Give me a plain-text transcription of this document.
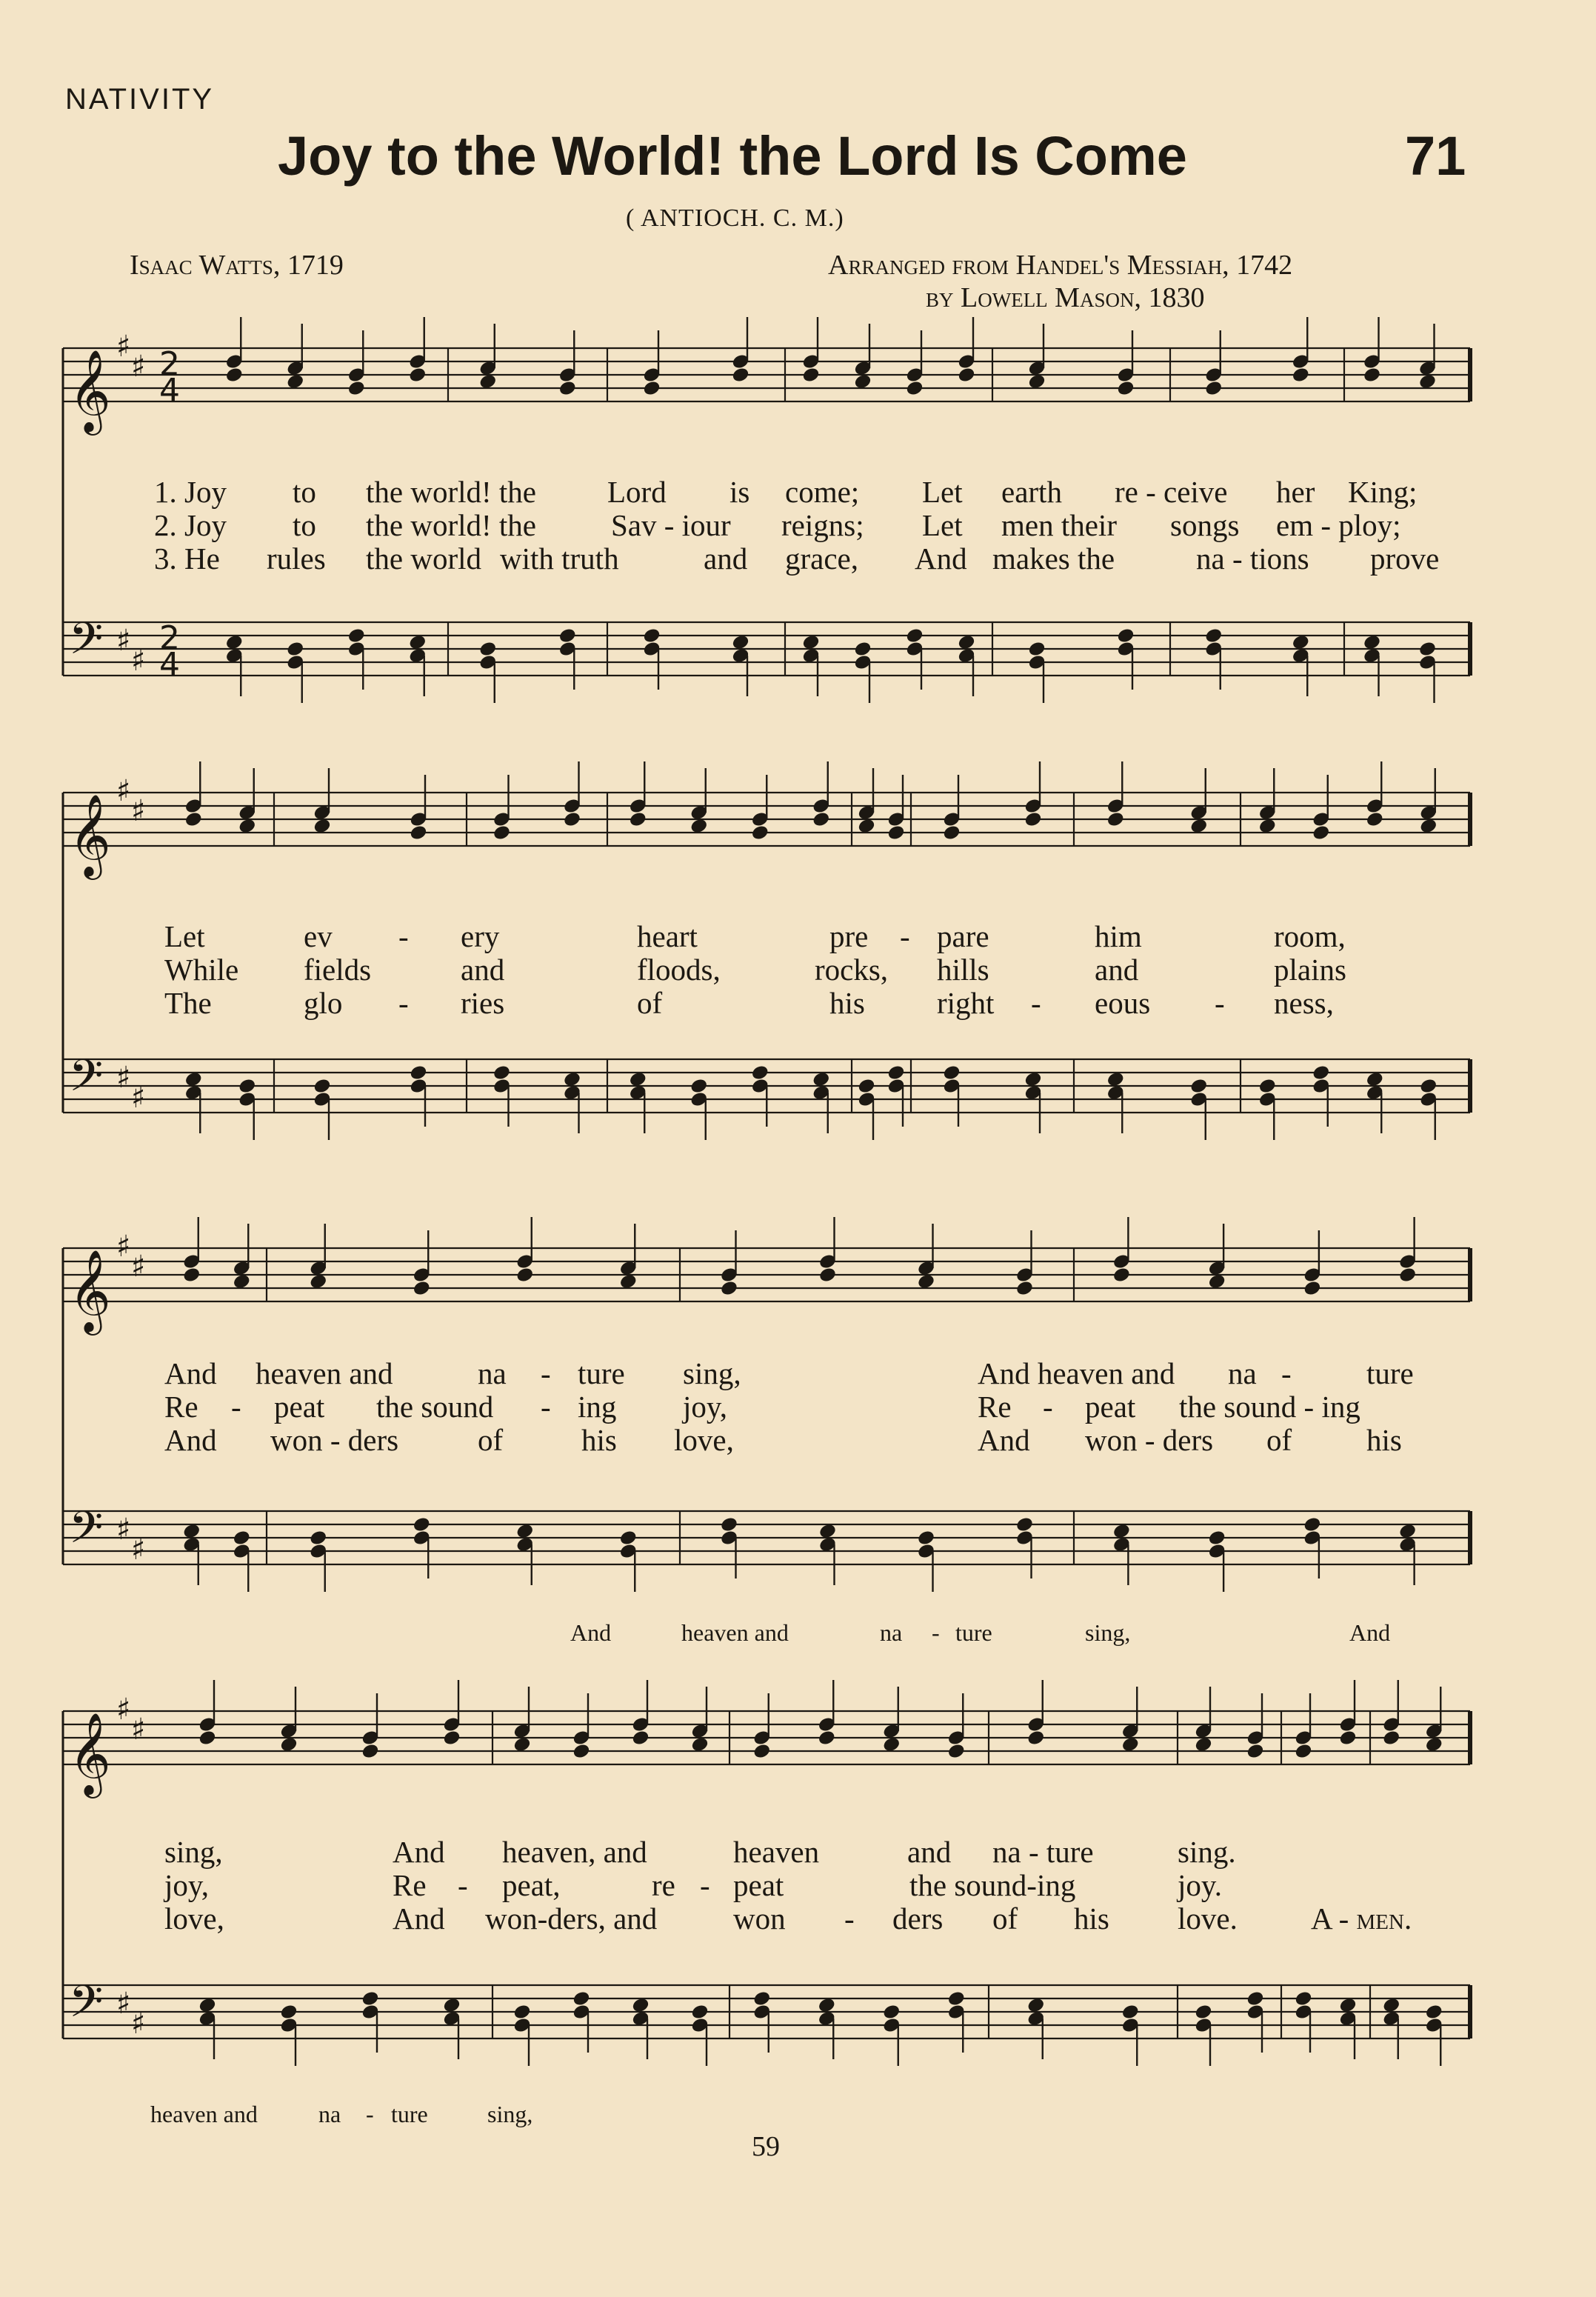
NATIVITY
Joy to the World! the Lord Is Come	71
( ANTIOCH. C. M.)
Isaac Watts, 1719	Arranged from Handel's Messiah, 1742
by Lowell Mason, 1830
𝄞
𝄢
♯
♯
♯
♯
2
4
2
4
𝄞
𝄢
♯
♯
♯
♯
𝄞
𝄢
♯
♯
♯
♯
𝄞
𝄢
♯
♯
♯
♯
1. Joy to the world! the Lord is come; Let earth re - ceive her King;
2. Joy to the world! the Sav - iour reigns; Let men their songs em - ploy;
3. He rules the world with truth	and grace, And makes the	na - tions prove
Let	ev - ery	heart	pre - pare	him	room,
While fields	and	floods,	rocks, hills	and	plains
The	glo - ries	of	his right - eous - ness,
And heaven and	na - ture sing,	And heaven and na - ture
Re - peat the sound - ing joy,	Re - peat the sound - ing
And won - ders	of	his love,	And won - ders of his
And	heaven and	na - ture	sing,	And
sing,	And heaven, and	heaven	and na - ture	sing.
joy,	Re - peat,	re - peat	the sound-ing	joy.
love,	And won-ders, and	won - ders of his love. A - men.
heaven and	na - ture	sing,
59
